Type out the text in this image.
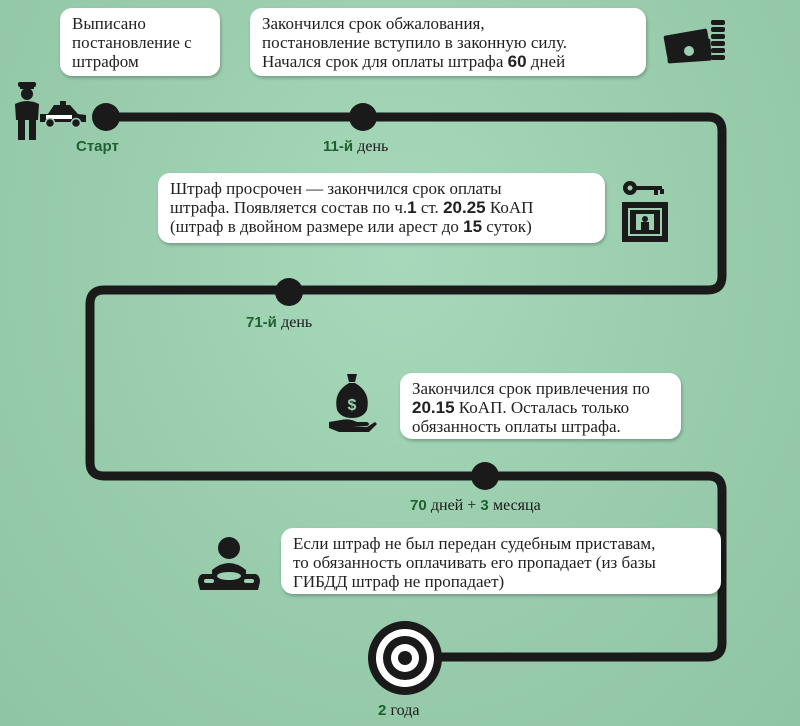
Старт	11-й день
71-й день
70 дней + 3 месяца
2 года
Выписано
постановление с
штрафом
Закончился срок обжалования,
постановление вступило в законную силу.
Начался срок для оплаты штрафа 60 дней
Штраф просрочен — закончился срок оплаты
штрафа. Появляется состав по ч.1 ст. 20.25 КоАП
(штраф в двойном размере или арест до 15 суток)
Закончился срок привлечения по
20.15 КоАП. Осталась только
обязанность оплаты штрафа.
Если штраф не был передан судебным приставам,
то обязанность оплачивать его пропадает (из базы
ГИБДД штраф не пропадает)
$
